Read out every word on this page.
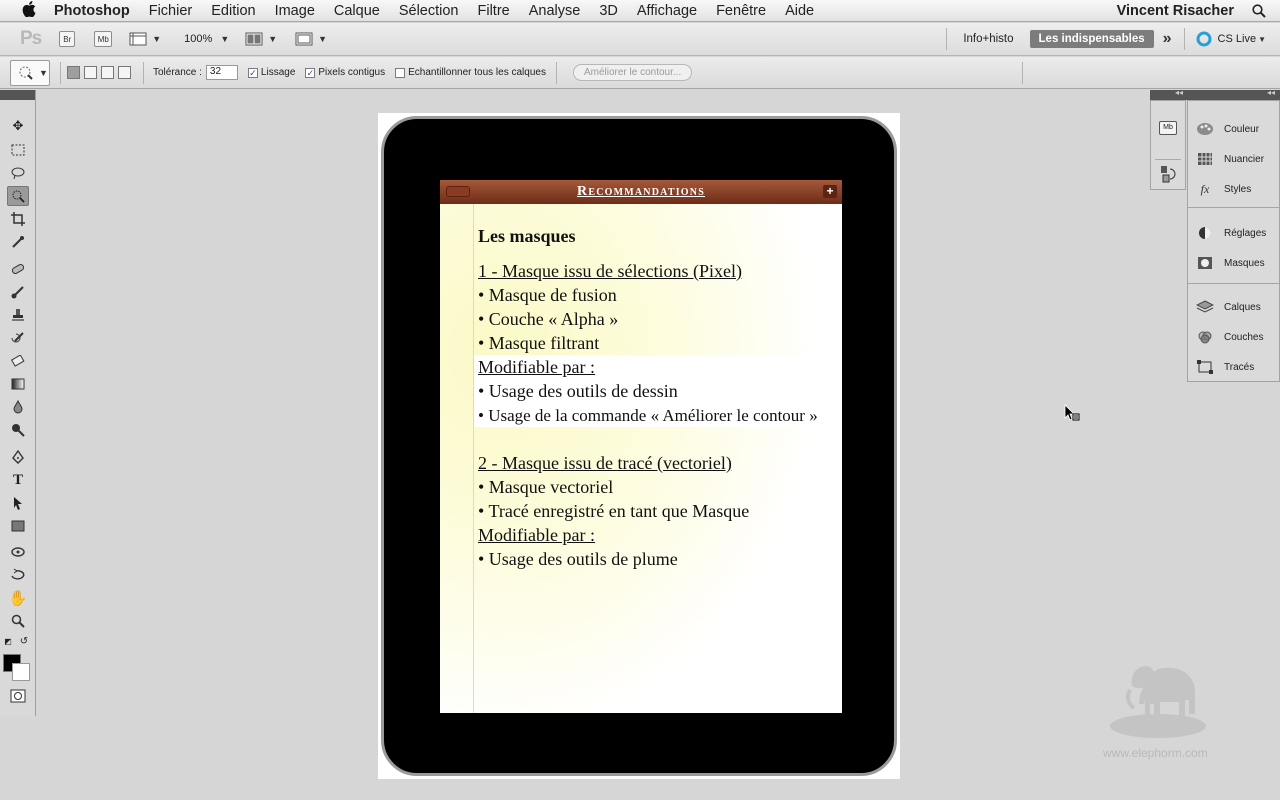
Photoshop Fichier Edition Image Calque Sélection Filtre Analyse 3D Affichage Fenêtre Aide	Vincent Risacher
Ps	Br	Mb	▼ 100% ▼	▼	▼	Info+histo	Les indispensables	»	CS Live ▼
▼	Tolérance : 32	✓ Lissage ✓ Pixels contigus Echantillonner tous les calques	Améliorer le contour...
✥
T
✋
◩ ↺
◂◂	◂◂
Mb	Couleur
Nuancier
fx	Styles
Réglages
Masques
Calques
Couches
Tracés
Recommandations	+
Les masques
1 - Masque issu de sélections (Pixel)
• Masque de fusion
• Couche « Alpha »
• Masque filtrant
Modifiable par :
• Usage des outils de dessin
• Usage de la commande « Améliorer le contour »
2 - Masque issu de tracé (vectoriel)
• Masque vectoriel
• Tracé enregistré en tant que Masque
Modifiable par :
• Usage des outils de plume
www.elephorm.com
